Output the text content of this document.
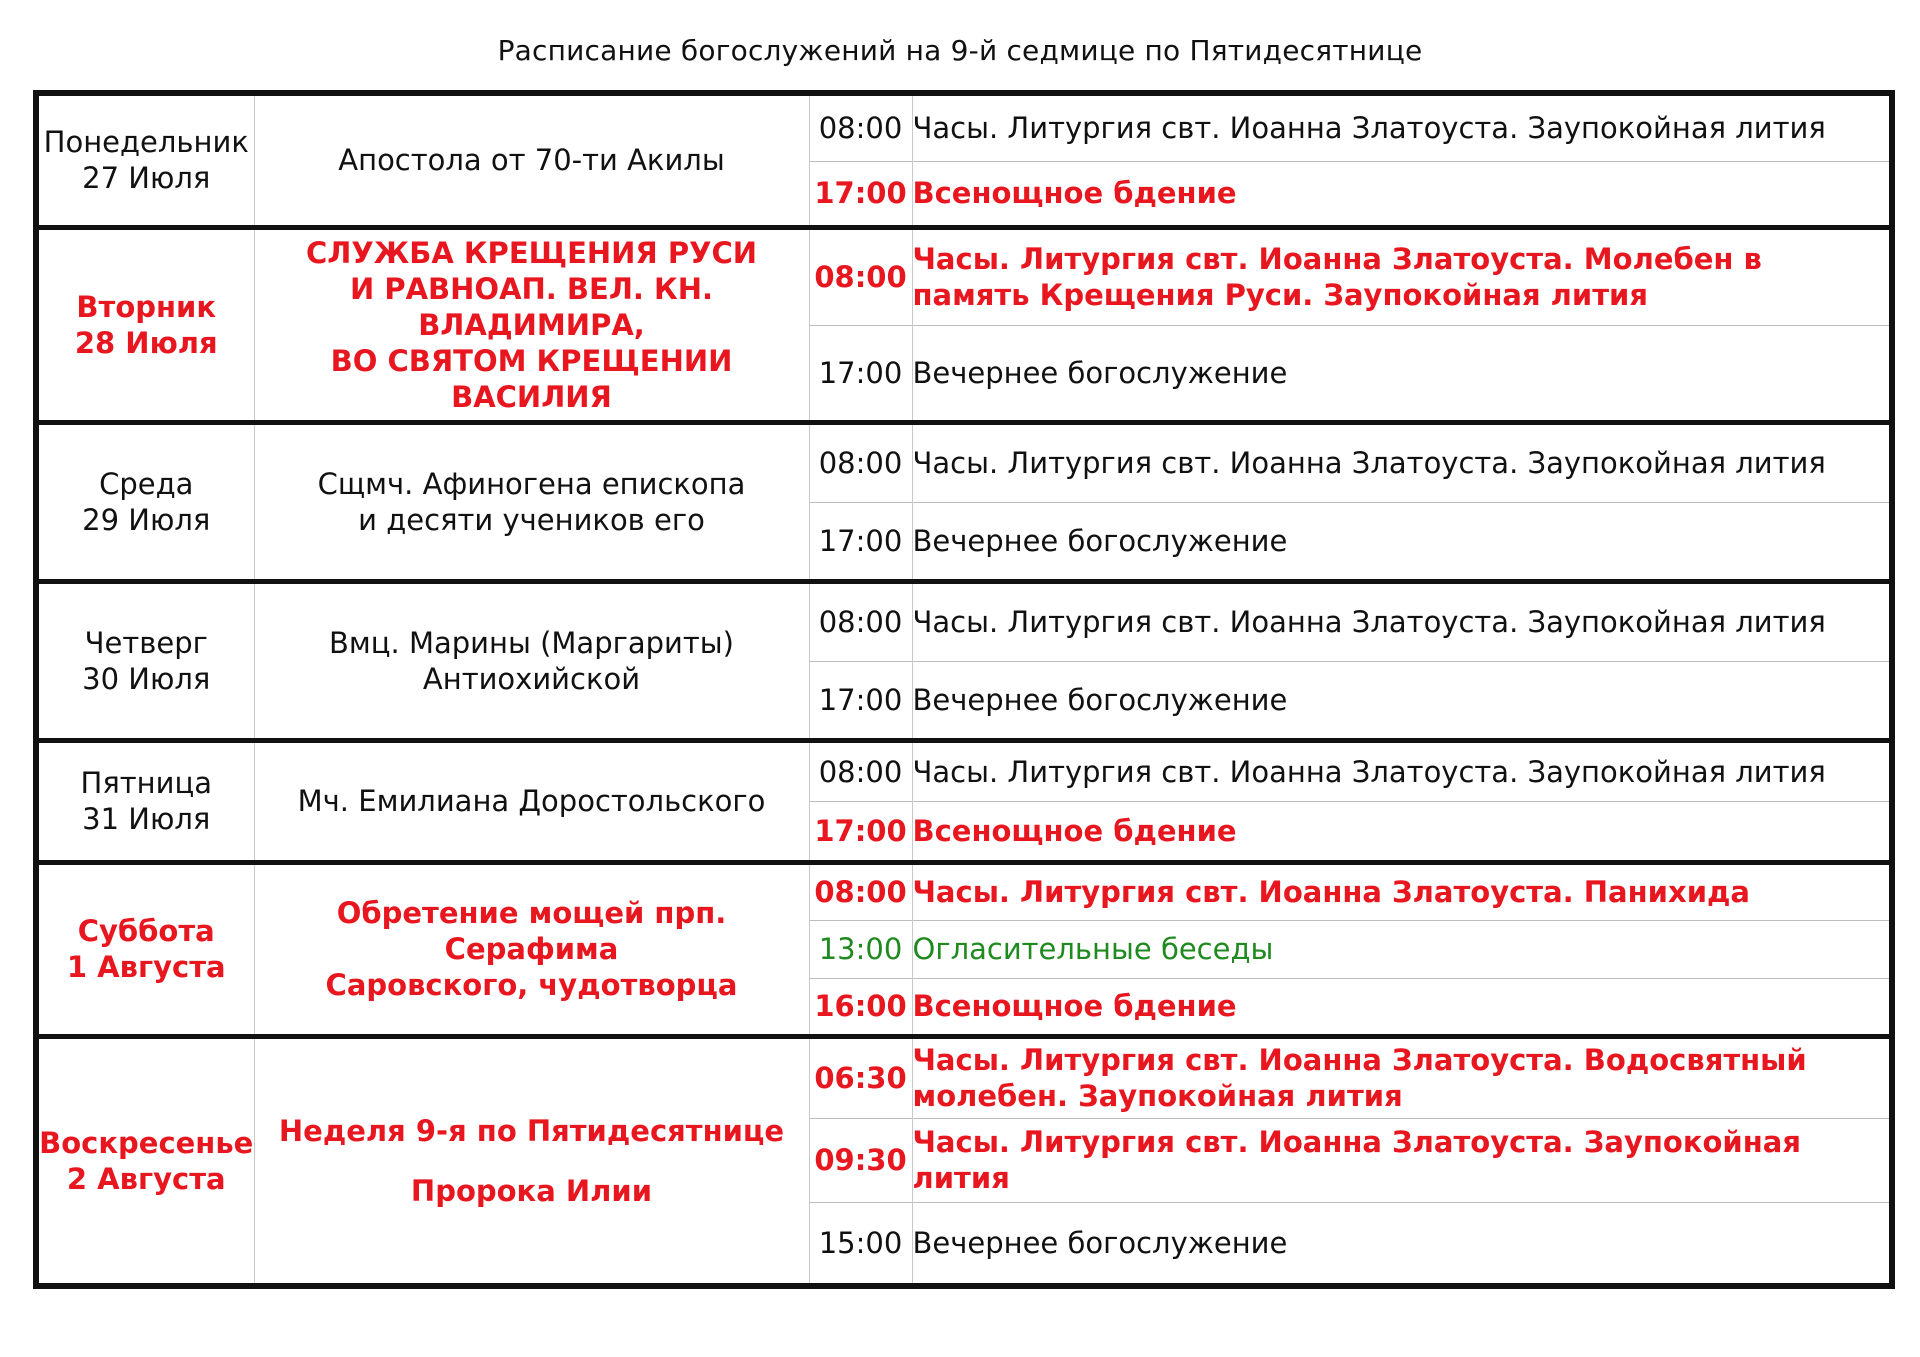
Расписание богослужений на 9-й седмице по Пятидесятнице
Понедельник
27 Июля	Апостола от 70-ти Акилы	08:00	Часы. Литургия свт. Иоанна Златоуста. Заупокойная лития
		17:00	Всенощное бдение
Вторник
28 Июля	СЛУЖБА КРЕЩЕНИЯ РУСИ
И РАВНОАП. ВЕЛ. КН. ВЛАДИМИРА,
ВО СВЯТОМ КРЕЩЕНИИ ВАСИЛИЯ	08:00	Часы. Литургия свт. Иоанна Златоуста. Молебен в память Крещения Руси. Заупокойная лития
		17:00	Вечернее богослужение
Среда
29 Июля	Сщмч. Афиногена епископа
и десяти учеников его	08:00	Часы. Литургия свт. Иоанна Златоуста. Заупокойная лития
		17:00	Вечернее богослужение
Четверг
30 Июля	Вмц. Марины (Маргариты)
Антиохийской	08:00	Часы. Литургия свт. Иоанна Златоуста. Заупокойная лития
		17:00	Вечернее богослужение
Пятница
31 Июля	Мч. Емилиана Доростольского	08:00	Часы. Литургия свт. Иоанна Златоуста. Заупокойная лития
		17:00	Всенощное бдение
Суббота
1 Августа	Обретение мощей прп. Серафима
Саровского, чудотворца	08:00	Часы. Литургия свт. Иоанна Златоуста. Панихида
		13:00	Огласительные беседы
		16:00	Всенощное бдение
Воскресенье
2 Августа	Неделя 9-я по Пятидесятнице
Пророка Илии	06:30	Часы. Литургия свт. Иоанна Златоуста. Водосвятный молебен. Заупокойная лития
		09:30	Часы. Литургия свт. Иоанна Златоуста. Заупокойная лития
		15:00	Вечернее богослужение
